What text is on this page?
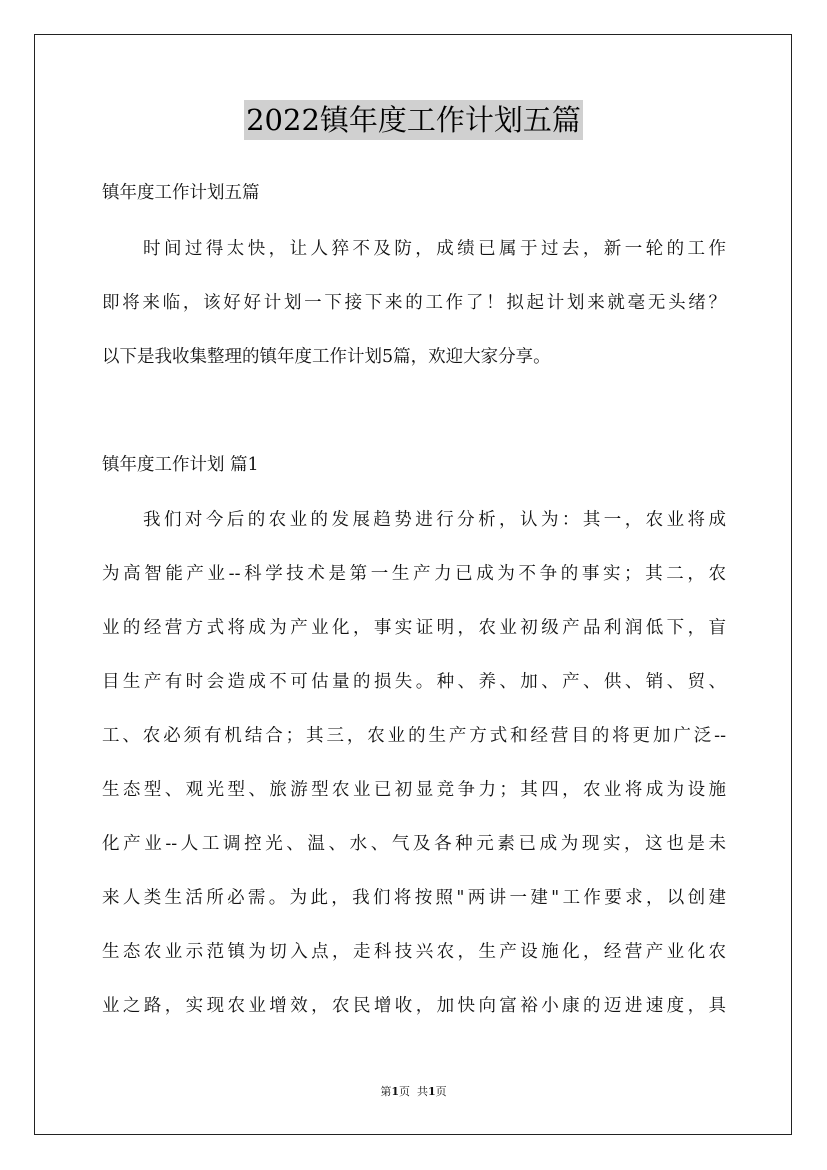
2022镇年度工作计划五篇
镇年度工作计划五篇
时间过得太快，让人猝不及防，成绩已属于过去，新一轮的工作
即将来临，该好好计划一下接下来的工作了！拟起计划来就毫无头绪？
以下是我收集整理的镇年度工作计划5篇，欢迎大家分享。
镇年度工作计划 篇1
我们对今后的农业的发展趋势进行分析，认为：其一，农业将成
为高智能产业--科学技术是第一生产力已成为不争的事实；其二，农
业的经营方式将成为产业化，事实证明，农业初级产品利润低下，盲
目生产有时会造成不可估量的损失。种、养、加、产、供、销、贸、
工、农必须有机结合；其三，农业的生产方式和经营目的将更加广泛--
生态型、观光型、旅游型农业已初显竞争力；其四，农业将成为设施
化产业--人工调控光、温、水、气及各种元素已成为现实，这也是未
来人类生活所必需。为此，我们将按照"两讲一建"工作要求，以创建
生态农业示范镇为切入点，走科技兴农，生产设施化，经营产业化农
业之路，实现农业增效，农民增收，加快向富裕小康的迈进速度，具
第1页 共1页
